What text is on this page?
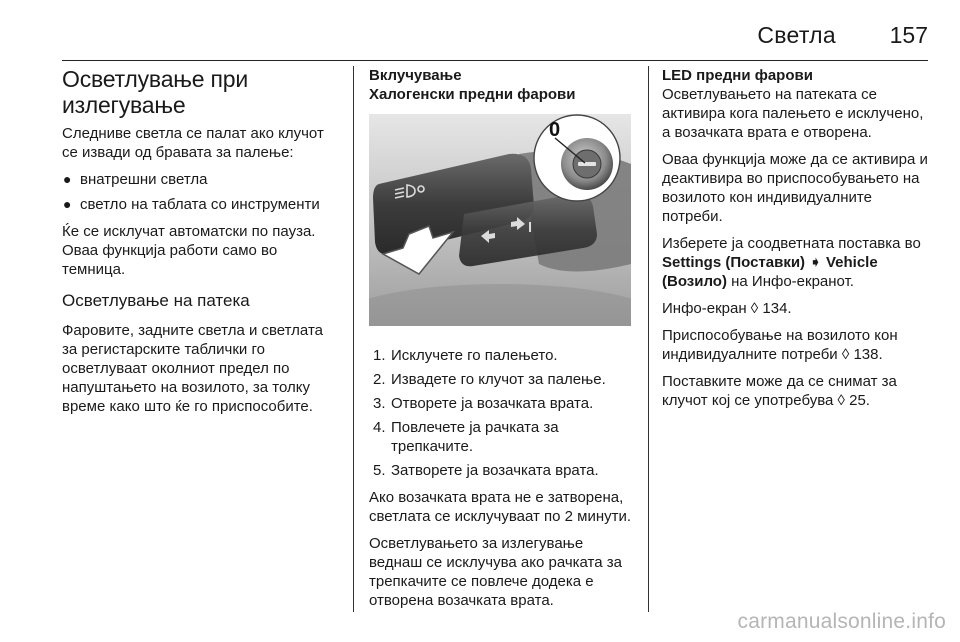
Светла 157
Осветлување при излегување

Следниве светла се палат ако клучот се извади од бравата за палење:

● внатрешни светла
● светло на таблата со инструменти

Ќе се исклучат автоматски по пауза. Оваа функција работи само во темница.

Осветлување на патека

Фаровите, задните светла и светлата за регистарските таблички го осветлуваат околниот предел по напуштањето на возилото, за толку време како што ќе го приспособите.

Вклучување
Халогенски предни фарови
0
1. Исклучете го палењето.
2. Извадете го клучот за палење.
3. Отворете ја возачката врата.
4. Повлечете ја рачката за трепкачите.
5. Затворете ја возачката врата.

Ако возачката врата не е затворена, светлата се исклучуваат по 2 минути.

Осветлувањето за излегување веднаш се исклучува ако рачката за трепкачите се повлече додека е отворена возачката врата.

LED предни фарови

Осветлувањето на патеката се активира кога палењето е исклучено, а возачката врата е отворена.

Оваа функција може да се активира и деактивира во приспособувањето на возилото кон индивидуалните потреби.

Изберете ја соодветната поставка во Settings (Поставки) ➧ Vehicle (Возило) на Инфо-екранот.

Инфо-екран ◊ 134.

Приспособување на возилото кон индивидуалните потреби ◊ 138.

Поставките може да се снимат за клучот кој се употребува ◊ 25.

carmanualsonline.info
